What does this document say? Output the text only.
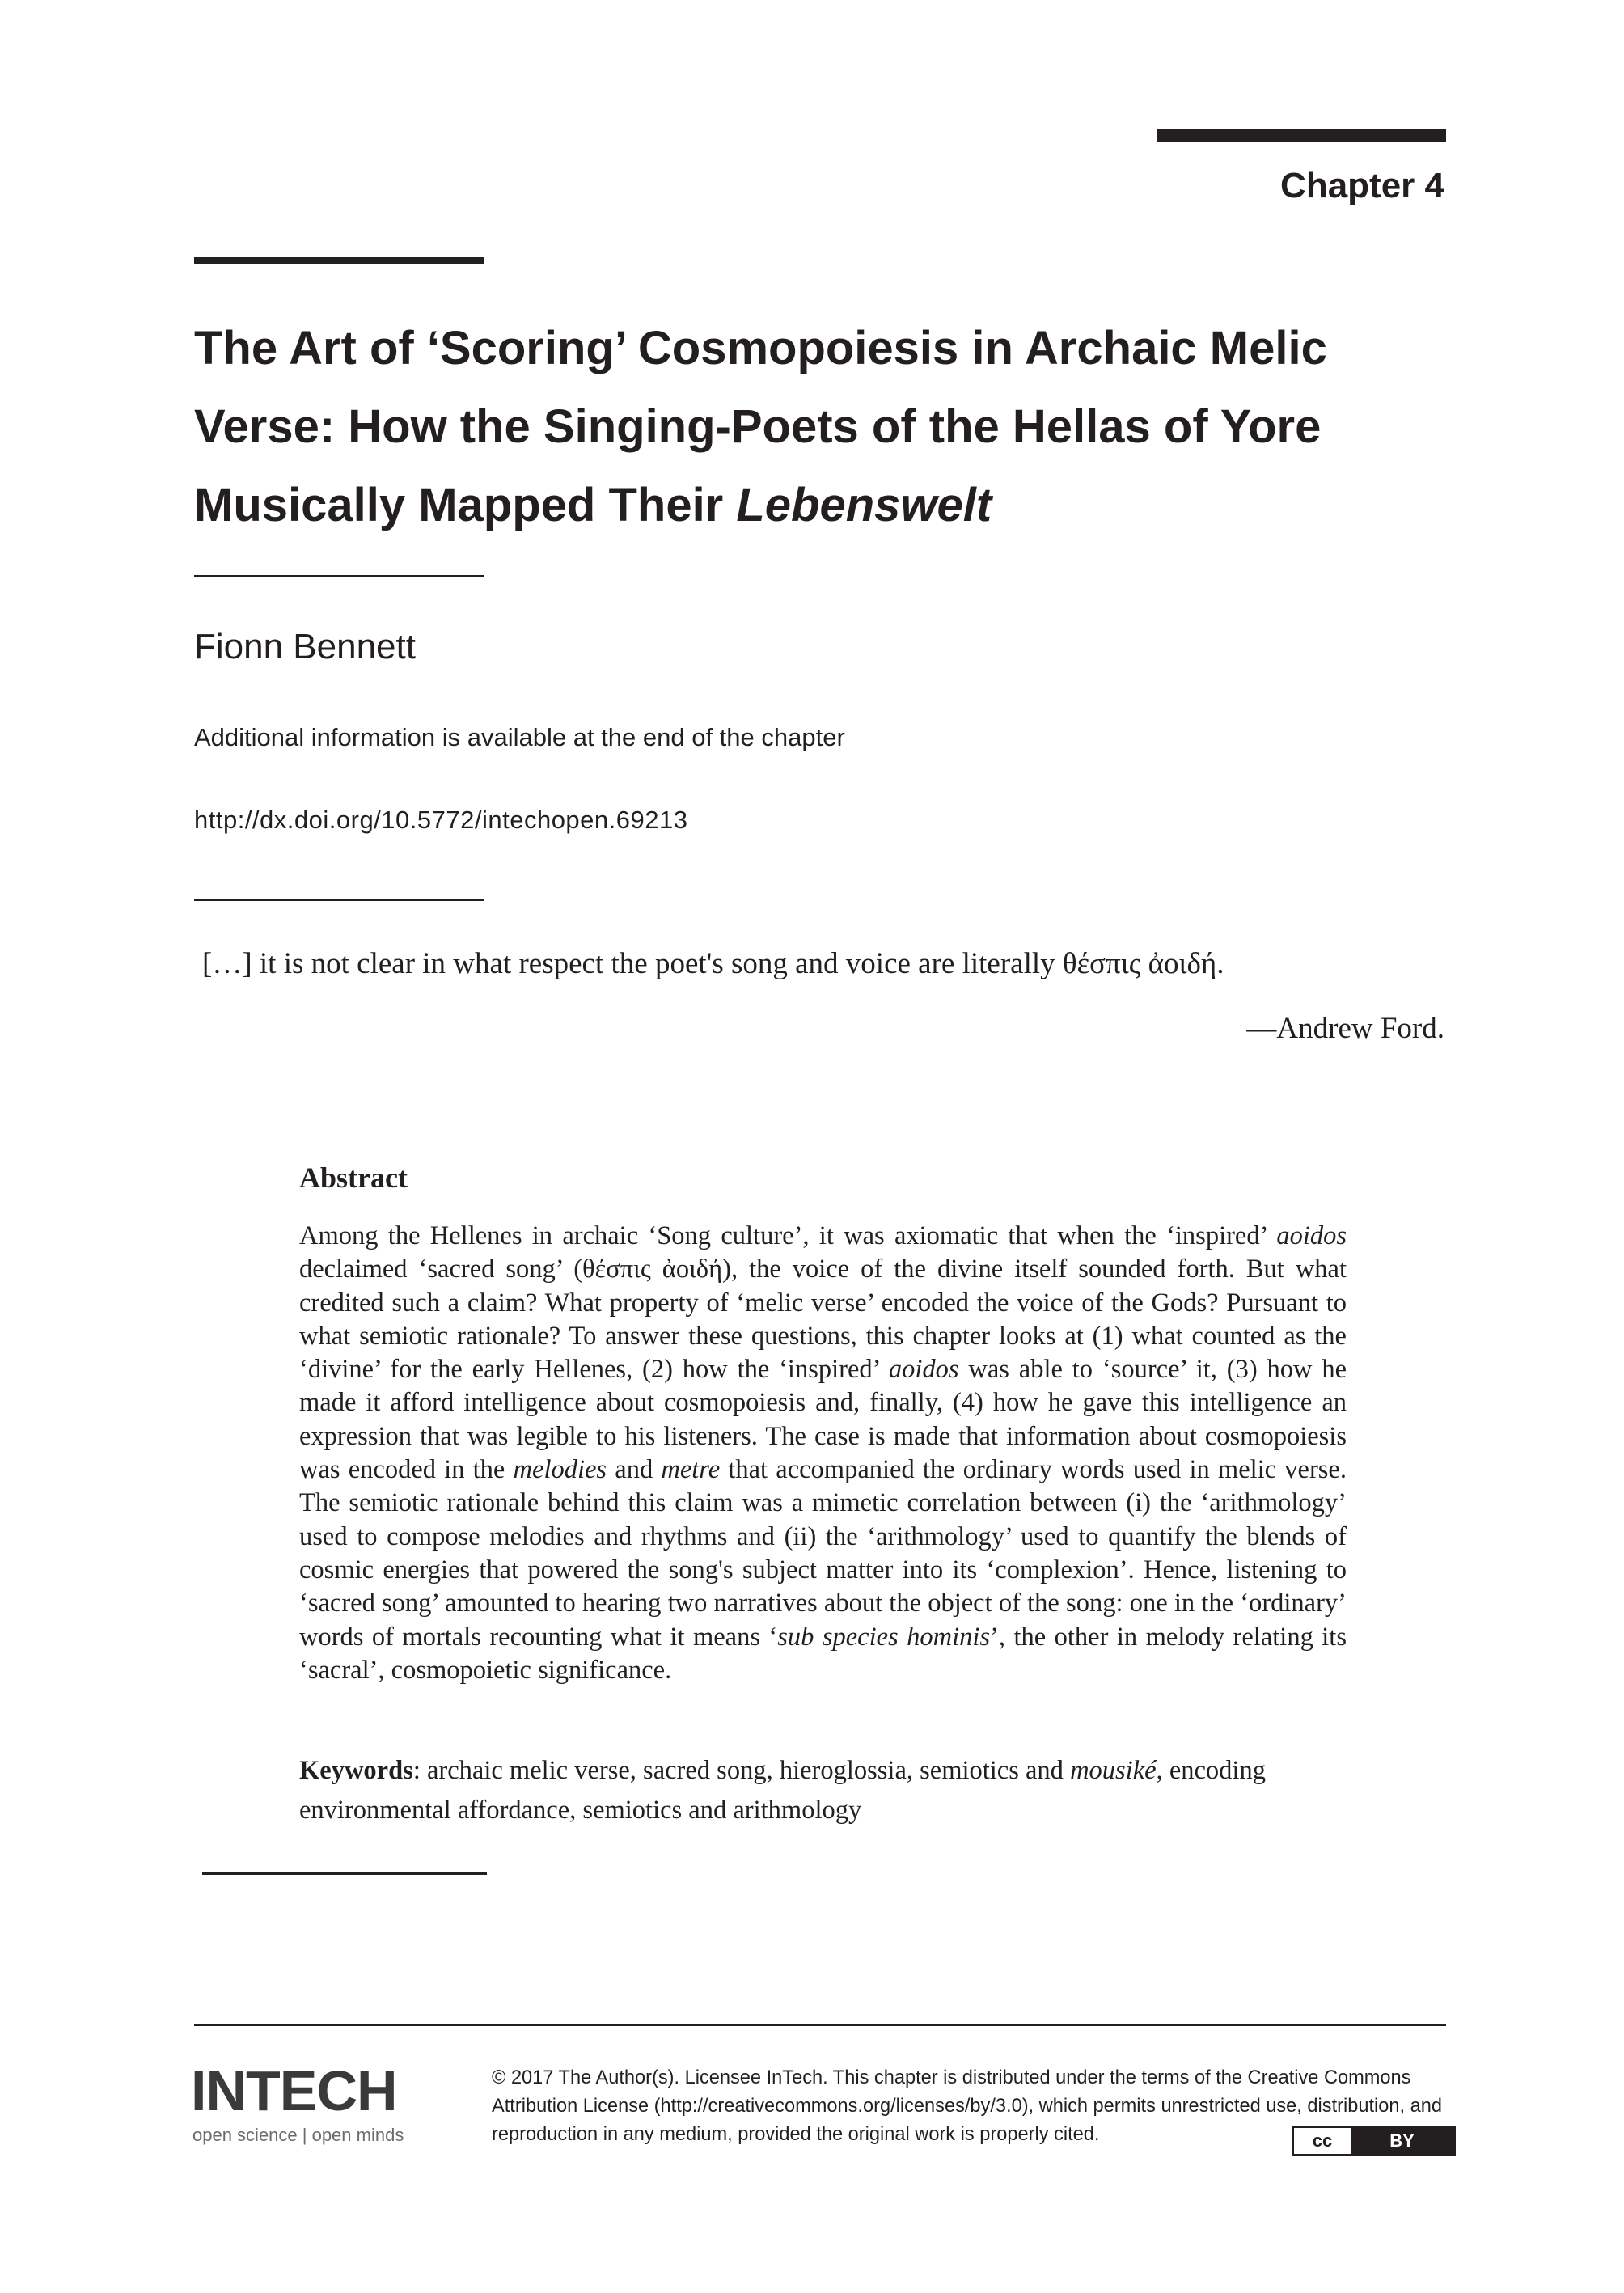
Chapter 4
The Art of ‘Scoring’ Cosmopoiesis in Archaic Melic
Verse: How the Singing-Poets of the Hellas of Yore
Musically Mapped Their Lebenswelt
Fionn Bennett
Additional information is available at the end of the chapter
http://dx.doi.org/10.5772/intechopen.69213
[…] it is not clear in what respect the poet's song and voice are literally θέσπις ἀοιδή.
—Andrew Ford.
Abstract
Among the Hellenes in archaic ‘Song culture’, it was axiomatic that when the ‘inspired’ aoidos declaimed ‘sacred song’ (θέσπις ἀοιδή), the voice of the divine itself sounded forth. But what credited such a claim? What property of ‘melic verse’ encoded the voice of the Gods? Pursuant to what semiotic rationale? To answer these questions, this chapter looks at (1) what counted as the ‘divine’ for the early Hellenes, (2) how the ‘inspired’ aoidos was able to ‘source’ it, (3) how he made it afford intelligence about cosmopoiesis and, finally, (4) how he gave this intelligence an expression that was legible to his listeners. The case is made that information about cosmopoiesis was encoded in the melodies and metre that accompanied the ordinary words used in melic verse. The semiotic rationale behind this claim was a mimetic correlation between (i) the ‘arithmology’ used to compose melodies and rhythms and (ii) the ‘arithmology’ used to quantify the blends of cosmic energies that powered the song's subject matter into its ‘complexion’. Hence, listening to ‘sacred song’ amounted to hearing two narratives about the object of the song: one in the ‘ordinary’ words of mortals recounting what it means ‘sub species hominis’, the other in melody relating its ‘sacral’, cosmopoietic significance.
Keywords: archaic melic verse, sacred song, hieroglossia, semiotics and mousiké, encoding environmental affordance, semiotics and arithmology
INTECH
open science | open minds
© 2017 The Author(s). Licensee InTech. This chapter is distributed under the terms of the Creative Commons Attribution License (http://creativecommons.org/licenses/by/3.0), which permits unrestricted use, distribution, and reproduction in any medium, provided the original work is properly cited.	cc	BY
